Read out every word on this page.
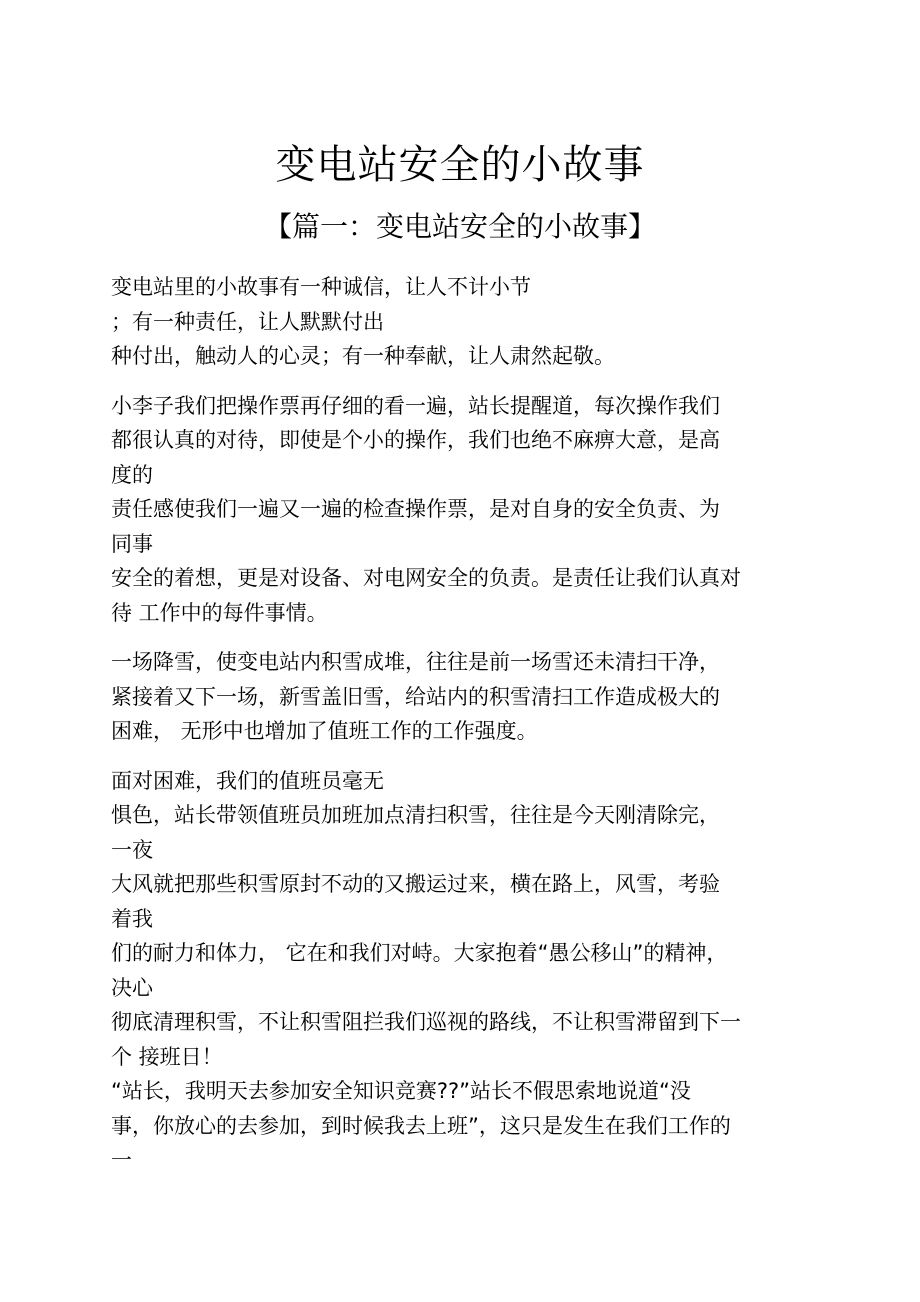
变电站安全的小故事
【篇一：变电站安全的小故事】
变电站里的小故事有一种诚信，让人不计小节
；有一种责任，让人默默付出
种付出，触动人的心灵；有一种奉献，让人肃然起敬。
小李子我们把操作票再仔细的看一遍，站长提醒道，每次操作我们
都很认真的对待，即使是个小的操作，我们也绝不麻痹大意，是高
度的
责任感使我们一遍又一遍的检查操作票，是对自身的安全负责、为
同事
安全的着想，更是对设备、对电网安全的负责。是责任让我们认真对
待 工作中的每件事情。
一场降雪，使变电站内积雪成堆，往往是前一场雪还未清扫干净，
紧接着又下一场，新雪盖旧雪，给站内的积雪清扫工作造成极大的
困难， 无形中也增加了值班工作的工作强度。
面对困难，我们的值班员毫无
惧色，站长带领值班员加班加点清扫积雪，往往是今天刚清除完，
一夜
大风就把那些积雪原封不动的又搬运过来，横在路上，风雪，考验
着我
们的耐力和体力， 它在和我们对峙。大家抱着“愚公移山”的精神，
决心
彻底清理积雪，不让积雪阻拦我们巡视的路线，不让积雪滞留到下一
个 接班日！
“站长，我明天去参加安全知识竞赛??”站长不假思索地说道“没
事，你放心的去参加，到时候我去上班”，这只是发生在我们工作的
一
